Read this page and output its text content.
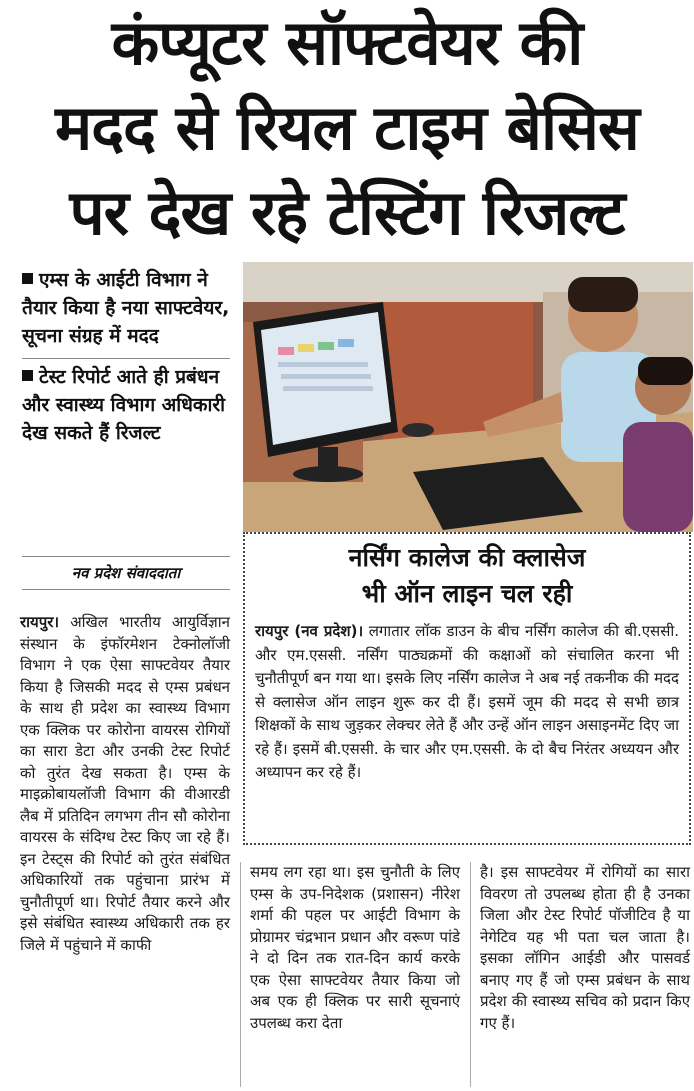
कंप्यूटर सॉफ्टवेयर की
मदद से रियल टाइम बेसिस
पर देख रहे टेस्टिंग रिजल्ट
एम्स के आईटी विभाग ने तैयार किया है नया साफ्टवेयर, सूचना संग्रह में मदद
टेस्ट रिपोर्ट आते ही प्रबंधन और स्वास्थ्य विभाग अधिकारी देख सकते हैं रिजल्ट
नव प्रदेश संवाददाता
रायपुर। अखिल भारतीय आयुर्विज्ञान संस्थान के इंफॉरमेशन टेक्नोलॉजी विभाग ने एक ऐसा साफ्टवेयर तैयार किया है जिसकी मदद से एम्स प्रबंधन के साथ ही प्रदेश का स्वास्थ्य विभाग एक क्लिक पर कोरोना वायरस रोगियों का सारा डेटा और उनकी टेस्ट रिपोर्ट को तुरंत देख सकता है। एम्स के माइक्रोबायलॉजी विभाग की वीआरडी लैब में प्रतिदिन लगभग तीन सौ कोरोना वायरस के संदिग्ध टेस्ट किए जा रहे हैं। इन टेस्ट्स की रिपोर्ट को तुरंत संबंधित अधिकारियों तक पहुंचाना प्रारंभ में चुनौतीपूर्ण था। रिपोर्ट तैयार करने और इसे संबंधित स्वास्थ्य अधिकारी तक हर जिले में पहुंचाने में काफी
समय लग रहा था। इस चुनौती के लिए एम्स के उप-निदेशक (प्रशासन) नीरेश शर्मा की पहल पर आईटी विभाग के प्रोग्रामर चंद्रभान प्रधान और वरूण पांडे ने दो दिन तक रात-दिन कार्य करके एक ऐसा साफ्टवेयर तैयार किया जो अब एक ही क्लिक पर सारी सूचनाएं उपलब्ध करा देता
है। इस साफ्टवेयर में रोगियों का सारा विवरण तो उपलब्ध होता ही है उनका जिला और टेस्ट रिपोर्ट पॉजीटिव है या नेगेटिव यह भी पता चल जाता है। इसका लॉगिन आईडी और पासवर्ड बनाए गए हैं जो एम्स प्रबंधन के साथ प्रदेश की स्वास्थ्य सचिव को प्रदान किए गए हैं।
नर्सिंग कालेज की क्लासेज
भी ऑन लाइन चल रही
रायपुर (नव प्रदेश)। लगातार लॉक डाउन के बीच नर्सिंग कालेज की बी.एससी. और एम.एससी. नर्सिंग पाठ्यक्रमों की कक्षाओं को संचालित करना भी चुनौतीपूर्ण बन गया था। इसके लिए नर्सिंग कालेज ने अब नई तकनीक की मदद से क्लासेज ऑन लाइन शुरू कर दी हैं। इसमें जूम की मदद से सभी छात्र शिक्षकों के साथ जुड़कर लेक्चर लेते हैं और उन्हें ऑन लाइन असाइनमेंट दिए जा रहे हैं। इसमें बी.एससी. के चार और एम.एससी. के दो बैच निरंतर अध्ययन और अध्यापन कर रहे हैं।
